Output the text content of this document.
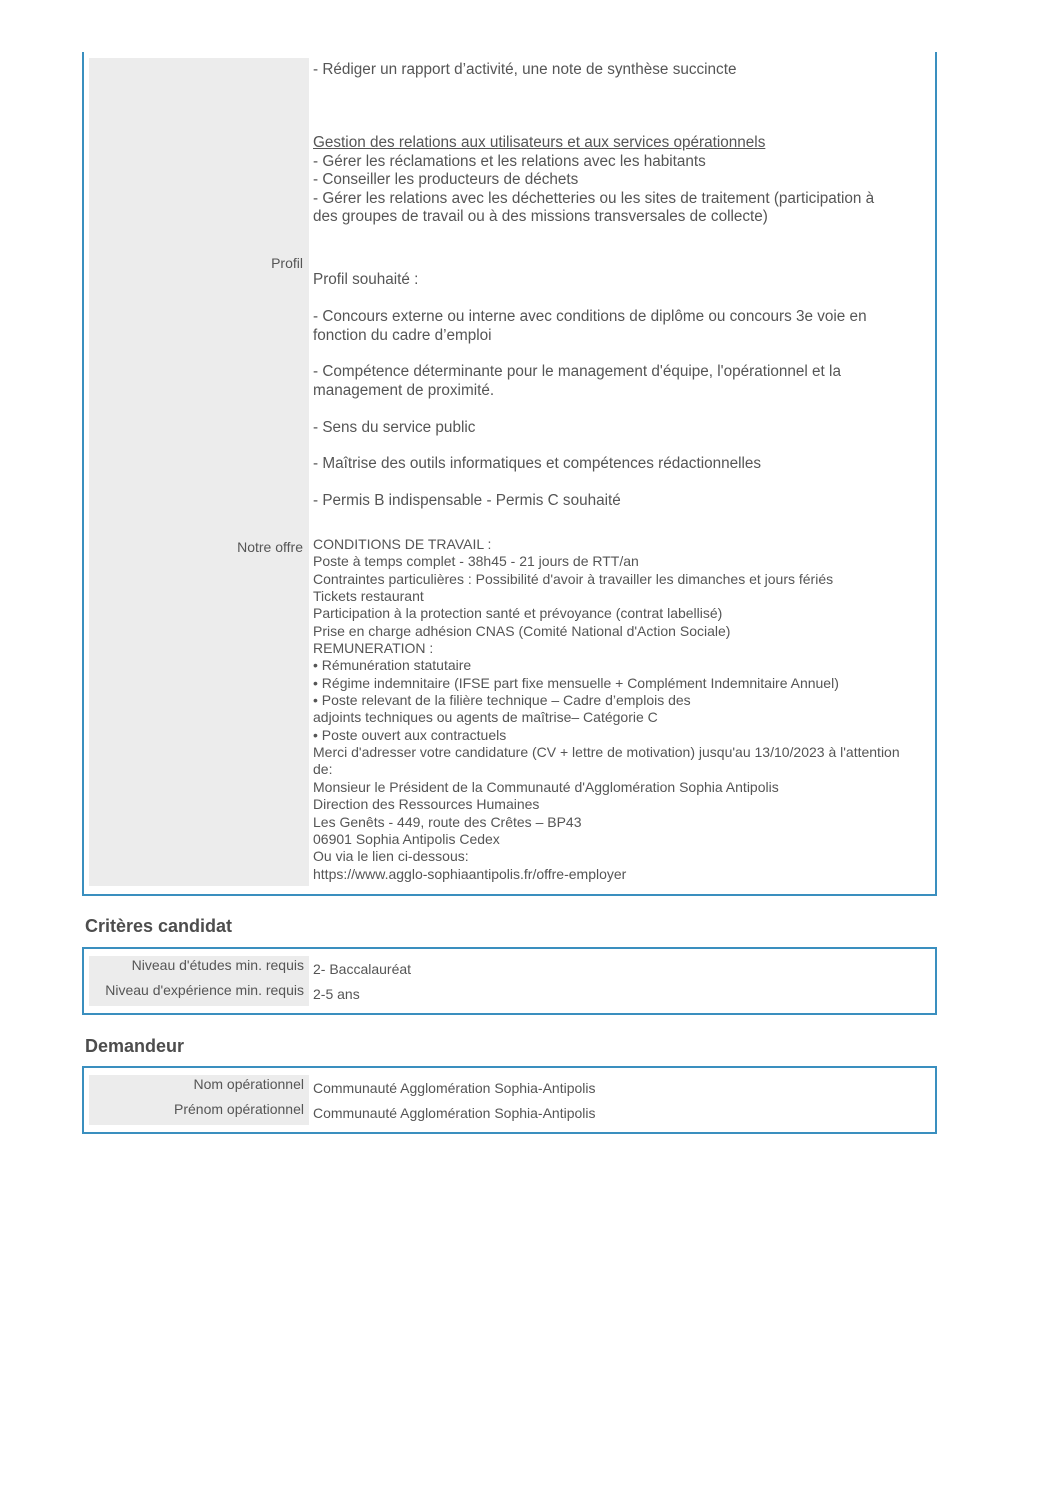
Profil
Notre offre
- Rédiger un rapport d’activité, une note de synthèse succincte
Gestion des relations aux utilisateurs et aux services opérationnels
- Gérer les réclamations et les relations avec les habitants
- Conseiller les producteurs de déchets
- Gérer les relations avec les déchetteries ou les sites de traitement (participation à
des groupes de travail ou à des missions transversales de collecte)
Profil souhaité :
- Concours externe ou interne avec conditions de diplôme ou concours 3e voie en
fonction du cadre d’emploi
- Compétence déterminante pour le management d'équipe, l'opérationnel et la
management de proximité.
- Sens du service public
- Maîtrise des outils informatiques et compétences rédactionnelles
- Permis B indispensable - Permis C souhaité
CONDITIONS DE TRAVAIL :
Poste à temps complet - 38h45 - 21 jours de RTT/an
Contraintes particulières : Possibilité d'avoir à travailler les dimanches et jours fériés
Tickets restaurant
Participation à la protection santé et prévoyance (contrat labellisé)
Prise en charge adhésion CNAS (Comité National d'Action Sociale)
REMUNERATION :
• Rémunération statutaire
• Régime indemnitaire (IFSE part fixe mensuelle + Complément Indemnitaire Annuel)
• Poste relevant de la filière technique – Cadre d’emplois des
adjoints techniques ou agents de maîtrise– Catégorie C
• Poste ouvert aux contractuels
Merci d'adresser votre candidature (CV + lettre de motivation) jusqu'au 13/10/2023 à l'attention
de:
Monsieur le Président de la Communauté d'Agglomération Sophia Antipolis
Direction des Ressources Humaines
Les Genêts - 449, route des Crêtes – BP43
06901 Sophia Antipolis Cedex
Ou via le lien ci-dessous:
https://www.agglo-sophiaantipolis.fr/offre-employer
Critères candidat
Niveau d'études min. requis 2- Baccalauréat
Niveau d'expérience min. requis 2-5 ans
Demandeur
Nom opérationnel Communauté Agglomération Sophia-Antipolis
Prénom opérationnel Communauté Agglomération Sophia-Antipolis
